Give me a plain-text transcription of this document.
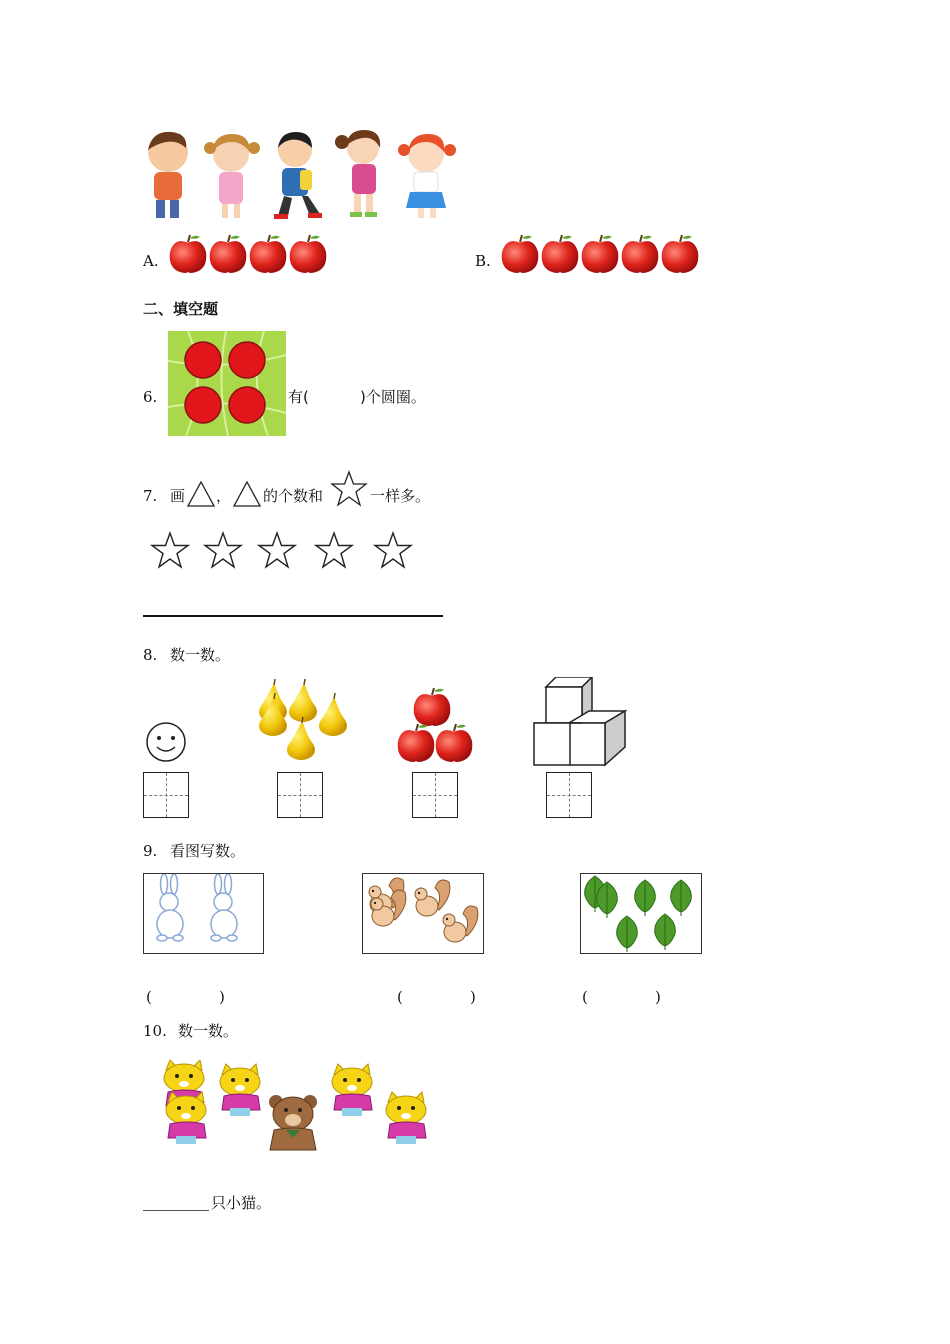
A.	B.
二、填空题
6.	有(	)个圆圈。
7. 画 ， 的个数和	一样多。
8. 数一数。
9. 看图写数。
(	)	(	)	(	)
10. 数一数。
只小猫。
